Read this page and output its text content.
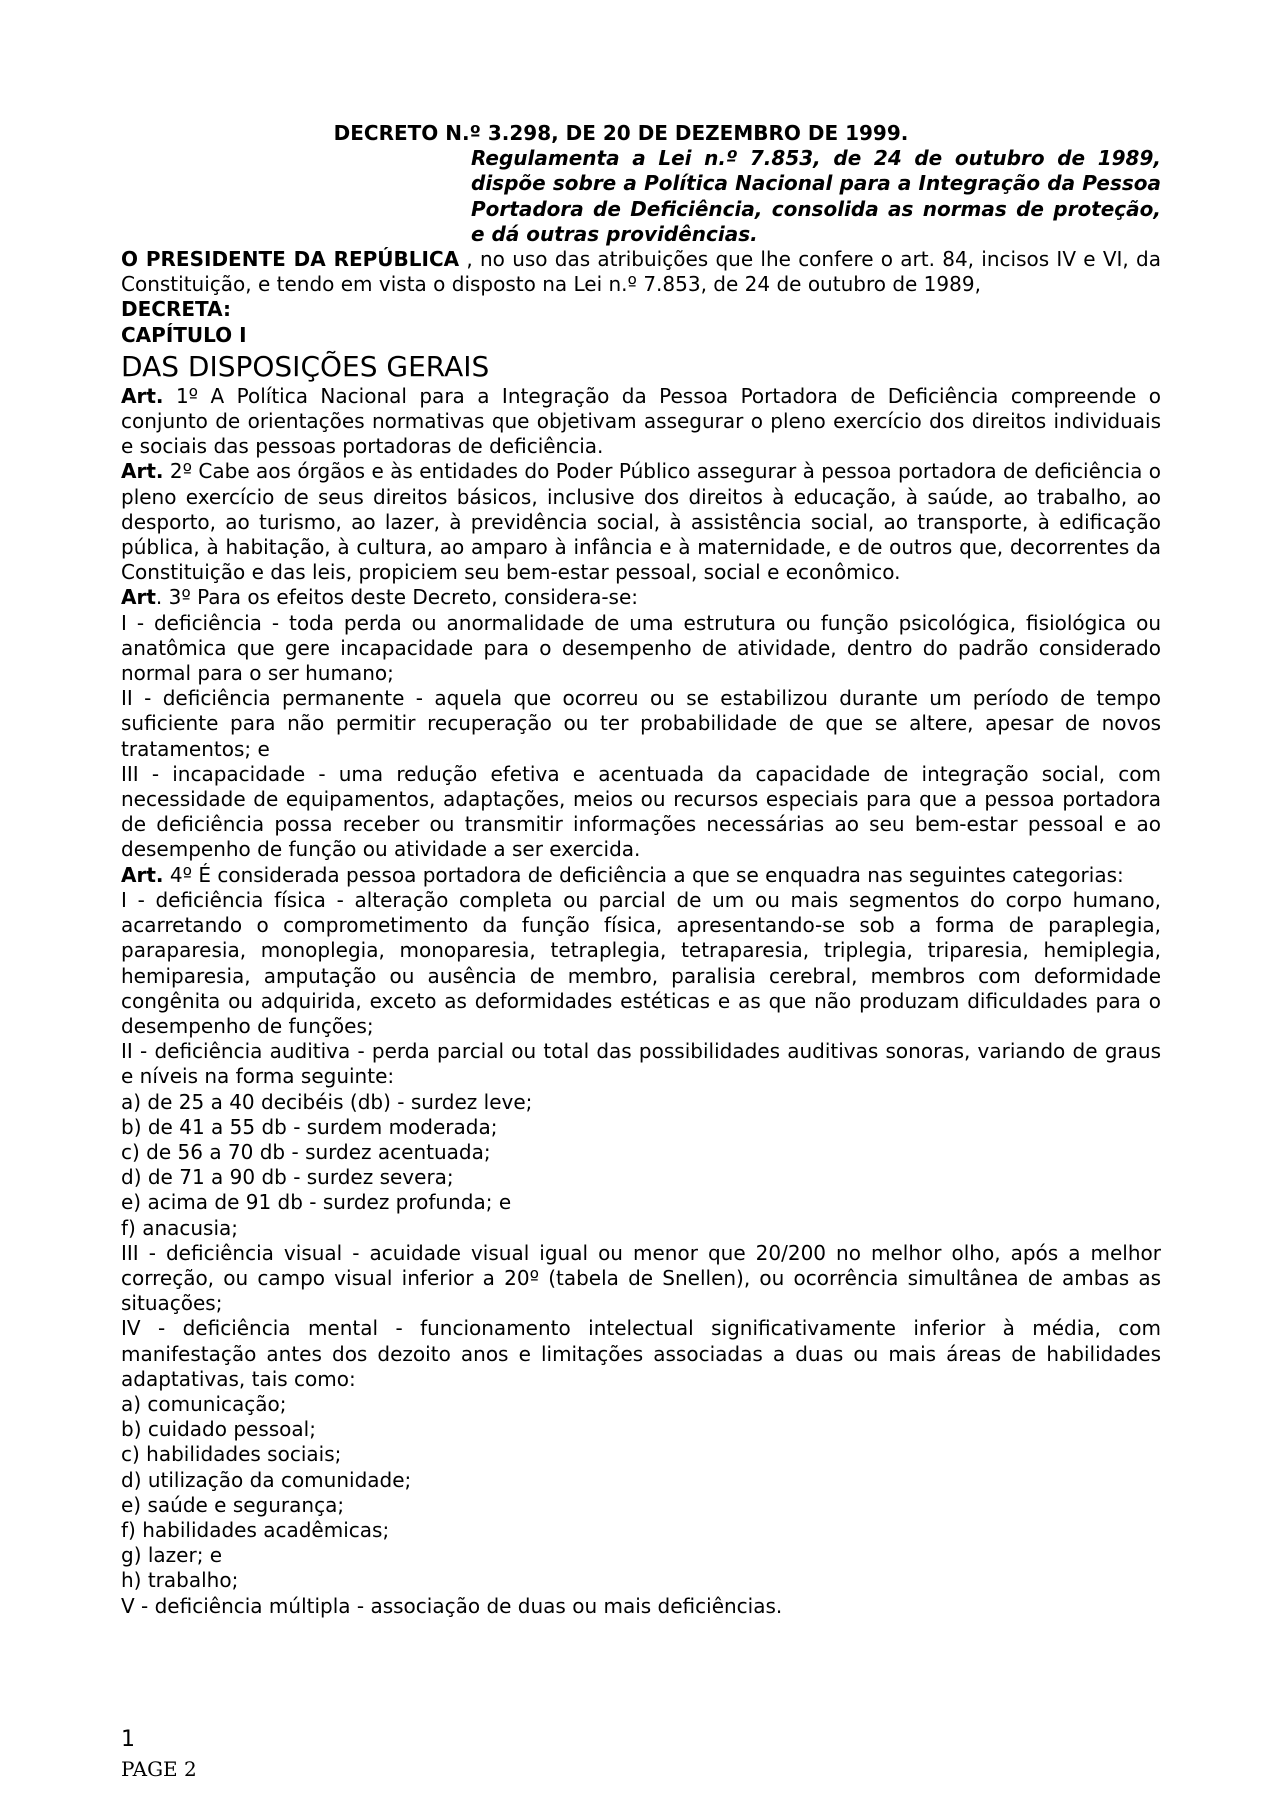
DECRETO N.º 3.298, DE 20 DE DEZEMBRO DE 1999.

Regulamenta a Lei n.º 7.853, de 24 de outubro de 1989, dispõe sobre a Política Nacional para a Integração da Pessoa Portadora de Deficiência, consolida as normas de proteção, e dá outras providências.

O PRESIDENTE DA REPÚBLICA , no uso das atribuições que lhe confere o art. 84, incisos IV e VI, da Constituição, e tendo em vista o disposto na Lei n.º 7.853, de 24 de outubro de 1989,

DECRETA:

CAPÍTULO I

DAS DISPOSIÇÕES GERAIS

Art. 1º A Política Nacional para a Integração da Pessoa Portadora de Deficiência compreende o conjunto de orientações normativas que objetivam assegurar o pleno exercício dos direitos individuais e sociais das pessoas portadoras de deficiência.

Art. 2º Cabe aos órgãos e às entidades do Poder Público assegurar à pessoa portadora de deficiência o pleno exercício de seus direitos básicos, inclusive dos direitos à educação, à saúde, ao trabalho, ao desporto, ao turismo, ao lazer, à previdência social, à assistência social, ao transporte, à edificação pública, à habitação, à cultura, ao amparo à infância e à maternidade, e de outros que, decorrentes da Constituição e das leis, propiciem seu bem-estar pessoal, social e econômico.

Art. 3º Para os efeitos deste Decreto, considera-se:

I - deficiência - toda perda ou anormalidade de uma estrutura ou função psicológica, fisiológica ou anatômica que gere incapacidade para o desempenho de atividade, dentro do padrão considerado normal para o ser humano;

II - deficiência permanente - aquela que ocorreu ou se estabilizou durante um período de tempo suficiente para não permitir recuperação ou ter probabilidade de que se altere, apesar de novos tratamentos; e

III - incapacidade - uma redução efetiva e acentuada da capacidade de integração social, com necessidade de equipamentos, adaptações, meios ou recursos especiais para que a pessoa portadora de deficiência possa receber ou transmitir informações necessárias ao seu bem-estar pessoal e ao desempenho de função ou atividade a ser exercida.

Art. 4º É considerada pessoa portadora de deficiência a que se enquadra nas seguintes categorias:

I - deficiência física - alteração completa ou parcial de um ou mais segmentos do corpo humano, acarretando o comprometimento da função física, apresentando-se sob a forma de paraplegia, paraparesia, monoplegia, monoparesia, tetraplegia, tetraparesia, triplegia, triparesia, hemiplegia, hemiparesia, amputação ou ausência de membro, paralisia cerebral, membros com deformidade congênita ou adquirida, exceto as deformidades estéticas e as que não produzam dificuldades para o desempenho de funções;

II - deficiência auditiva - perda parcial ou total das possibilidades auditivas sonoras, variando de graus e níveis na forma seguinte:

a) de 25 a 40 decibéis (db) - surdez leve;

b) de 41 a 55 db - surdem moderada;

c) de 56 a 70 db - surdez acentuada;

d) de 71 a 90 db - surdez severa;

e) acima de 91 db - surdez profunda; e

f) anacusia;

III - deficiência visual - acuidade visual igual ou menor que 20/200 no melhor olho, após a melhor correção, ou campo visual inferior a 20º (tabela de Snellen), ou ocorrência simultânea de ambas as situações;

IV - deficiência mental - funcionamento intelectual significativamente inferior à média, com manifestação antes dos dezoito anos e limitações associadas a duas ou mais áreas de habilidades adaptativas, tais como:

a) comunicação;

b) cuidado pessoal;

c) habilidades sociais;

d) utilização da comunidade;

e) saúde e segurança;

f) habilidades acadêmicas;

g) lazer; e

h) trabalho;

V - deficiência múltipla - associação de duas ou mais deficiências.

1
PAGE 2
